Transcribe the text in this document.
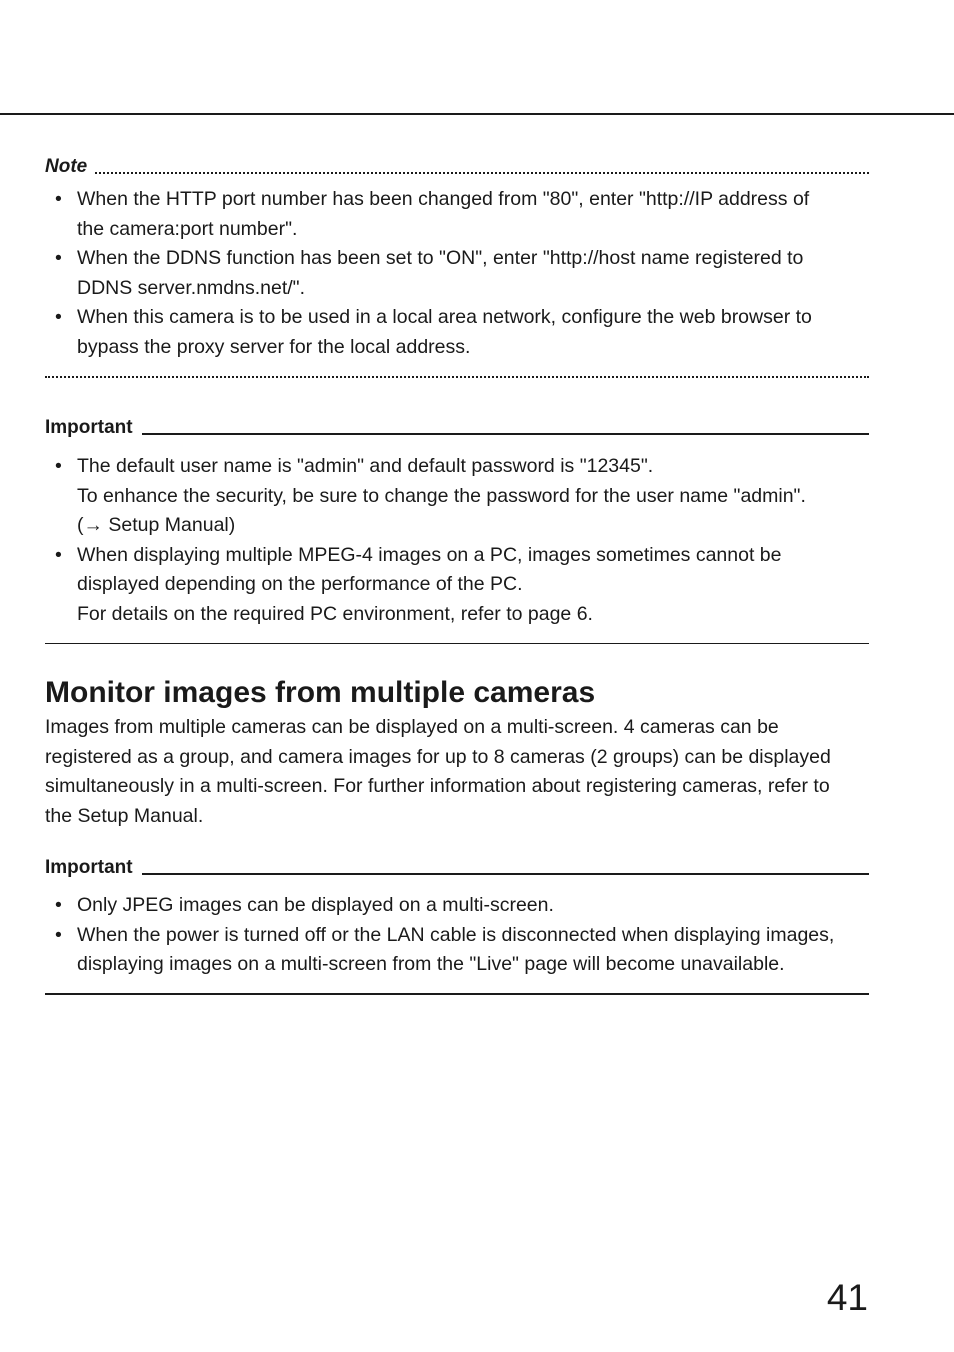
Note
• When the HTTP port number has been changed from "80", enter "http://IP address of
the camera:port number".
• When the DDNS function has been set to "ON", enter "http://host name registered to
DDNS server.nmdns.net/".
• When this camera is to be used in a local area network, configure the web browser to
bypass the proxy server for the local address.
Important
• The default user name is "admin" and default password is "12345".
To enhance the security, be sure to change the password for the user name "admin".
(→ Setup Manual)
• When displaying multiple MPEG-4 images on a PC, images sometimes cannot be
displayed depending on the performance of the PC.
For details on the required PC environment, refer to page 6.
Monitor images from multiple cameras

Images from multiple cameras can be displayed on a multi-screen. 4 cameras can be
registered as a group, and camera images for up to 8 cameras (2 groups) can be displayed
simultaneously in a multi-screen. For further information about registering cameras, refer to
the Setup Manual.

Important
• Only JPEG images can be displayed on a multi-screen.
• When the power is turned off or the LAN cable is disconnected when displaying images,
displaying images on a multi-screen from the "Live" page will become unavailable.
41
